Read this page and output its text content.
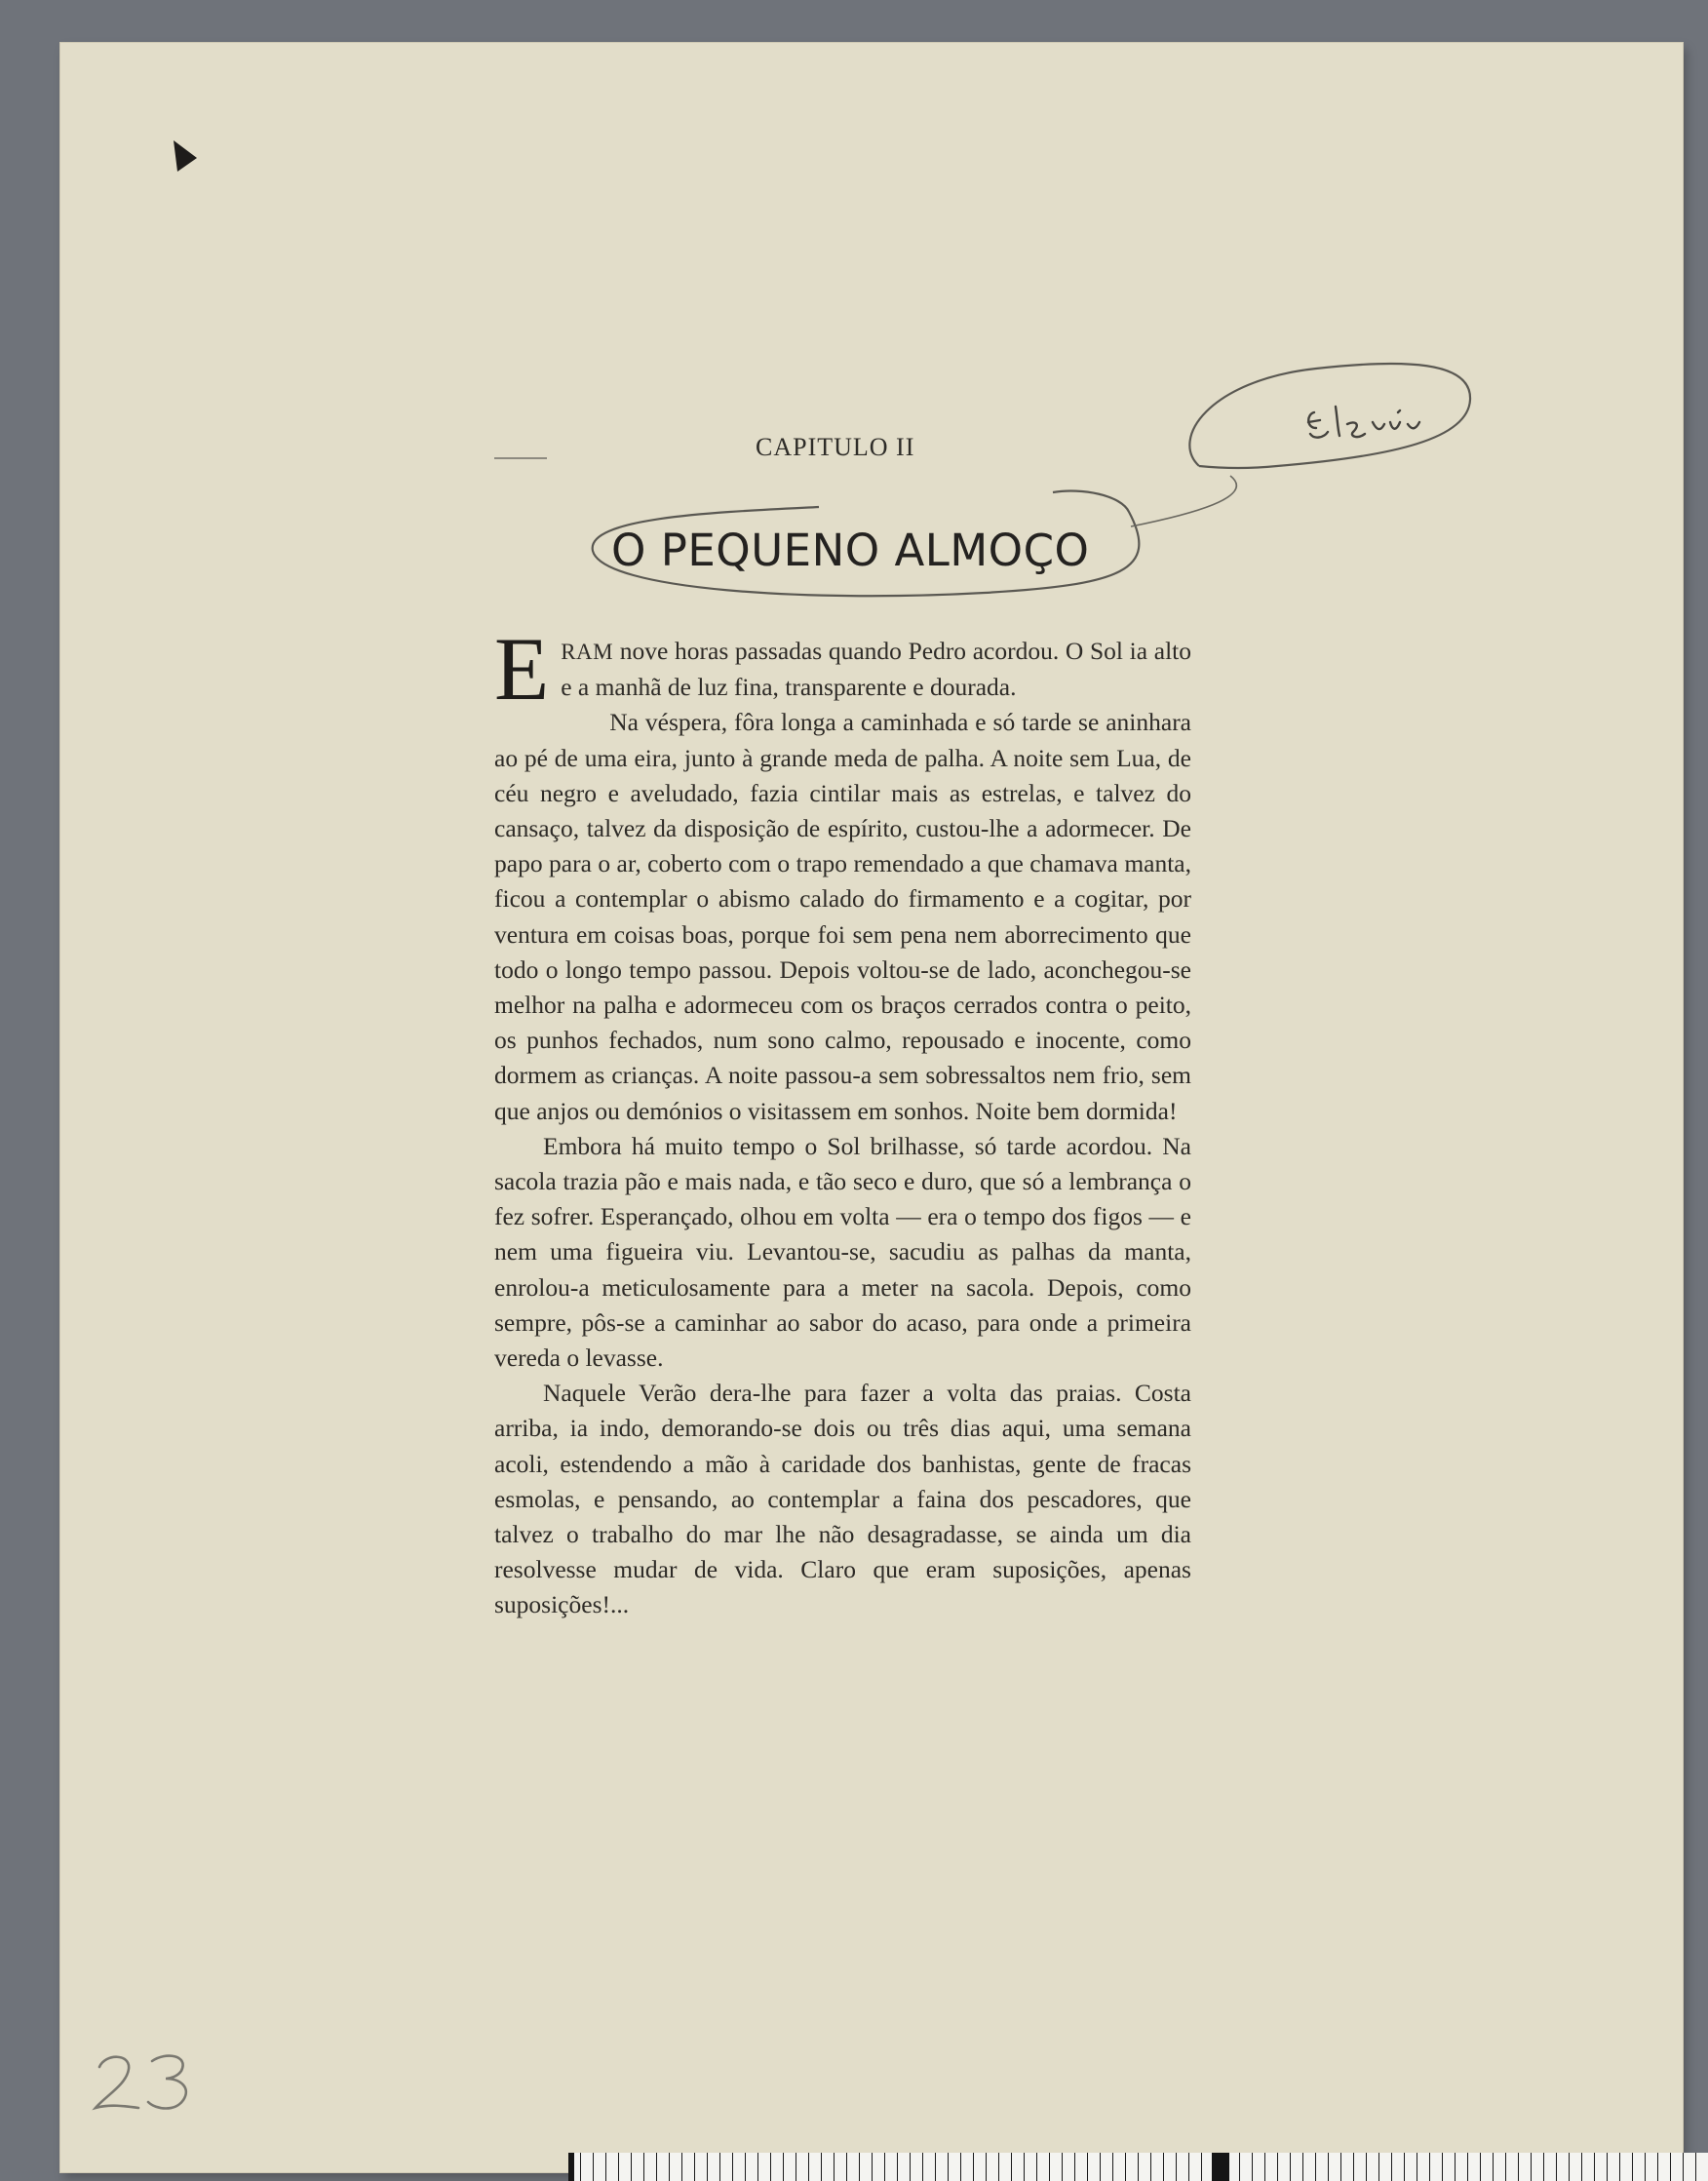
CAPITULO II
O PEQUENO ALMOÇO

ERAM nove horas passadas quando Pedro acordou. O Sol ia alto e a manhã de luz fina, transparente e dourada.

Na véspera, fôra longa a caminhada e só tarde se aninhara ao pé de uma eira, junto à grande meda de palha. A noite sem Lua, de céu negro e aveludado, fazia cintilar mais as estrelas, e talvez do cansaço, talvez da disposição de espírito, custou-lhe a adormecer. De papo para o ar, coberto com o trapo remendado a que chamava manta, ficou a contemplar o abismo calado do firmamento e a cogitar, por ventura em coisas boas, porque foi sem pena nem aborrecimento que todo o longo tempo passou. Depois voltou-se de lado, aconchegou-se melhor na palha e adormeceu com os braços cerrados contra o peito, os punhos fechados, num sono calmo, repousado e inocente, como dormem as crianças. A noite passou-a sem sobressaltos nem frio, sem que anjos ou demónios o visitassem em sonhos. Noite bem dormida!

Embora há muito tempo o Sol brilhasse, só tarde acordou. Na sacola trazia pão e mais nada, e tão seco e duro, que só a lembrança o fez sofrer. Esperançado, olhou em volta — era o tempo dos figos — e nem uma figueira viu. Levantou-se, sacudiu as palhas da manta, enrolou-a meticulosamente para a meter na sacola. Depois, como sempre, pôs-se a caminhar ao sabor do acaso, para onde a primeira vereda o levasse.

Naquele Verão dera-lhe para fazer a volta das praias. Costa arriba, ia indo, demorando-se dois ou três dias aqui, uma semana acoli, estendendo a mão à caridade dos banhistas, gente de fracas esmolas, e pensando, ao contemplar a faina dos pescadores, que talvez o trabalho do mar lhe não desagradasse, se ainda um dia resolvesse mudar de vida. Claro que eram suposições, apenas suposições!...
